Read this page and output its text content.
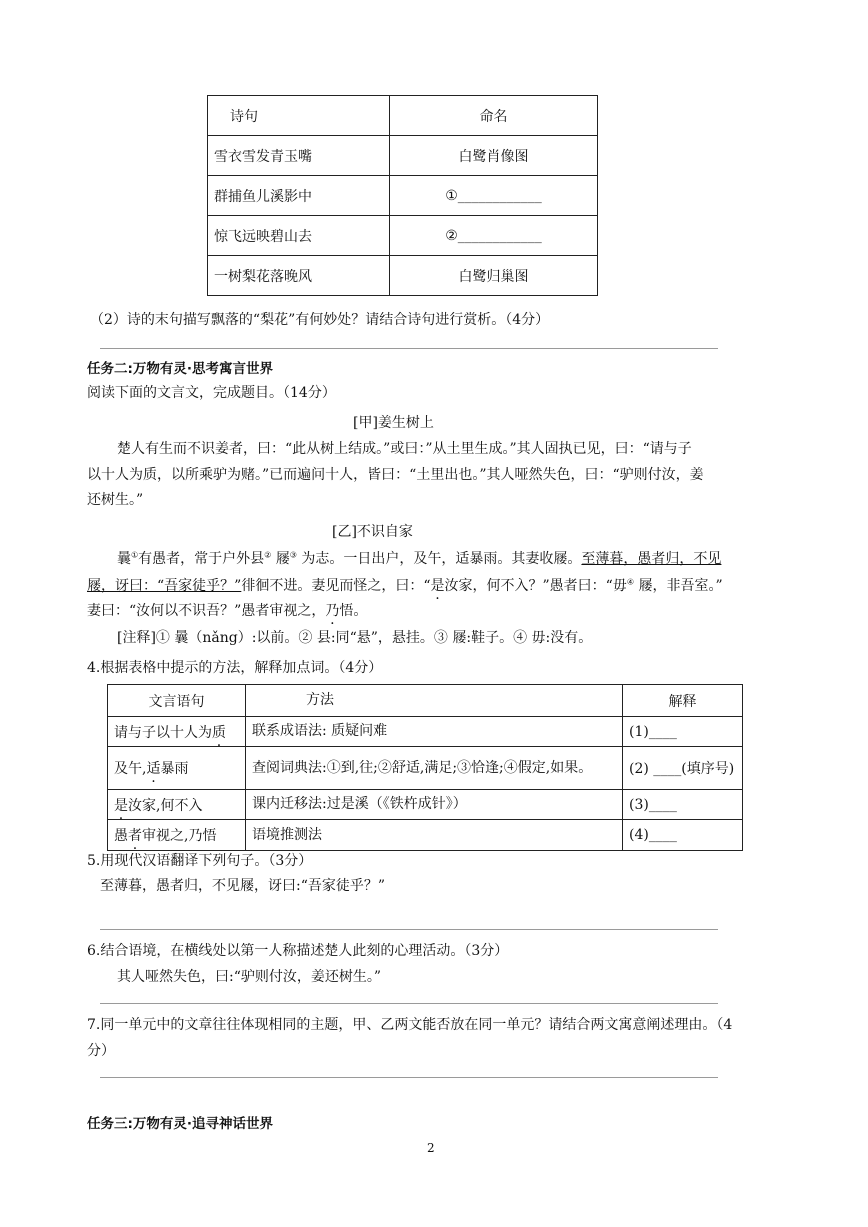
诗句	命名
雪衣雪发青玉嘴	白鹭肖像图
群捕鱼儿溪影中	①____________
惊飞远映碧山去	②____________
一树梨花落晚风	白鹭归巢图
（2）诗的末句描写飘落的“梨花”有何妙处？请结合诗句进行赏析。（4分）
任务二:万物有灵·思考寓言世界
阅读下面的文言文，完成题目。（14分）
[甲]姜生树上
楚人有生而不识姜者，曰：“此从树上结成。”或曰：”从土里生成。”其人固执已见，曰：“请与子
以十人为质，以所乘驴为赌。”已而遍问十人，皆曰：“土里出也。”其人哑然失色，曰：“驴则付汝，姜
还树生。”
[乙]不识自家
曩①有愚者，常于户外县② 屦③ 为志。一日出户，及午，适暴雨。其妻收屦。至薄暮，愚者归，不见
屦，讶曰：“吾家徒乎？”徘徊不进。妻见而怪之，曰：“是汝家，何不入？”愚者曰：“毋④ 屦，非吾室。”
妻曰：“汝何以不识吾？”愚者审视之，乃悟。
[注释]① 曩（nǎng）:以前。② 县:同“悬”，悬挂。③ 屦:鞋子。④ 毋:没有。
4.根据表格中提示的方法，解释加点词。（4分）
文言语句	方法	解释
请与子以十人为质	联系成语法: 质疑问难	(1)____
及午,适暴雨	查阅词典法:①到,往;②舒适,满足;③恰逢;④假定,如果。	(2) ____(填序号)
是汝家,何不入	课内迁移法:过是溪（《铁杵成针》）	(3)____
愚者审视之,乃悟	语境推测法	(4)____
5.用现代汉语翻译下列句子。（3分）
至薄暮，愚者归，不见屦，讶曰:“吾家徒乎？”
6.结合语境，在横线处以第一人称描述楚人此刻的心理活动。（3分）
其人哑然失色，曰:“驴则付汝，姜还树生。”
7.同一单元中的文章往往体现相同的主题，甲、乙两文能否放在同一单元？请结合两文寓意阐述理由。（4
分）
任务三:万物有灵·追寻神话世界
2
